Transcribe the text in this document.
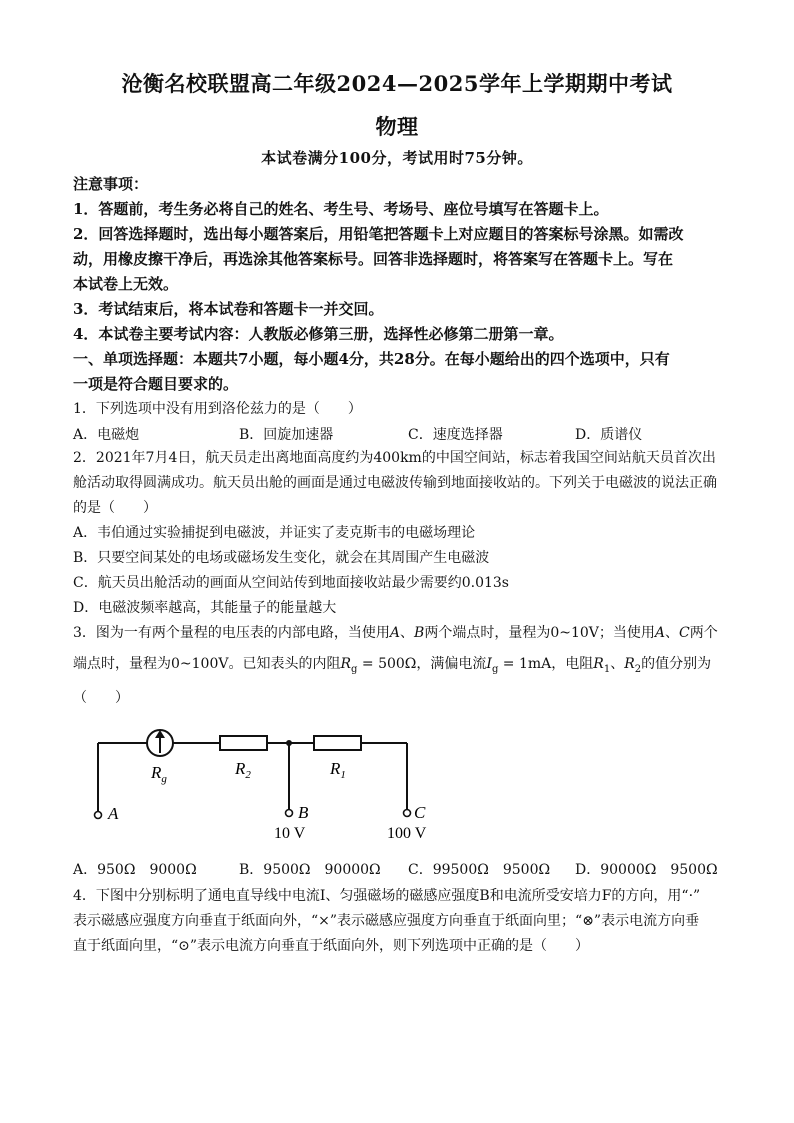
沧衡名校联盟高二年级2024—2025学年上学期期中考试
物理
本试卷满分100分，考试用时75分钟。
注意事项：
1．答题前，考生务必将自己的姓名、考生号、考场号、座位号填写在答题卡上。
2．回答选择题时，选出每小题答案后，用铅笔把答题卡上对应题目的答案标号涂黑。如需改
动，用橡皮擦干净后，再选涂其他答案标号。回答非选择题时，将答案写在答题卡上。写在
本试卷上无效。
3．考试结束后，将本试卷和答题卡一并交回。
4．本试卷主要考试内容：人教版必修第三册，选择性必修第二册第一章。
一、单项选择题：本题共7小题，每小题4分，共28分。在每小题给出的四个选项中，只有
一项是符合题目要求的。
1．下列选项中没有用到洛伦兹力的是（　　）
A．电磁炮	B．回旋加速器	C．速度选择器	D．质谱仪
2．2021年7月4日，航天员走出离地面高度约为400km的中国空间站，标志着我国空间站航天员首次出
舱活动取得圆满成功。航天员出舱的画面是通过电磁波传输到地面接收站的。下列关于电磁波的说法正确
的是（　　）
A．韦伯通过实验捕捉到电磁波，并证实了麦克斯韦的电磁场理论
B．只要空间某处的电场或磁场发生变化，就会在其周围产生电磁波
C．航天员出舱活动的画面从空间站传到地面接收站最少需要约0.013s
D．电磁波频率越高，其能量子的能量越大
3．图为一有两个量程的电压表的内部电路，当使用A、B两个端点时，量程为0~10V；当使用A、C两个
端点时，量程为0~100V。已知表头的内阻$R_g = 500\Omega$，满偏电流$I_g = 1mA$，电阻$R_1$、$R_2$的值分别为
（　　）
$R_g$
$R_2$	$R_1$
A	B	C
10 V	100 V
A．950Ω　9000Ω	B．9500Ω　90000Ω C．99500Ω　9500Ω D．90000Ω　9500Ω
4．下图中分别标明了通电直导线中电流I、匀强磁场的磁感应强度B和电流所受安培力F的方向，用“·”
表示磁感应强度方向垂直于纸面向外，“×”表示磁感应强度方向垂直于纸面向里；“⊗”表示电流方向垂
直于纸面向里，“⊙”表示电流方向垂直于纸面向外，则下列选项中正确的是（　　）
